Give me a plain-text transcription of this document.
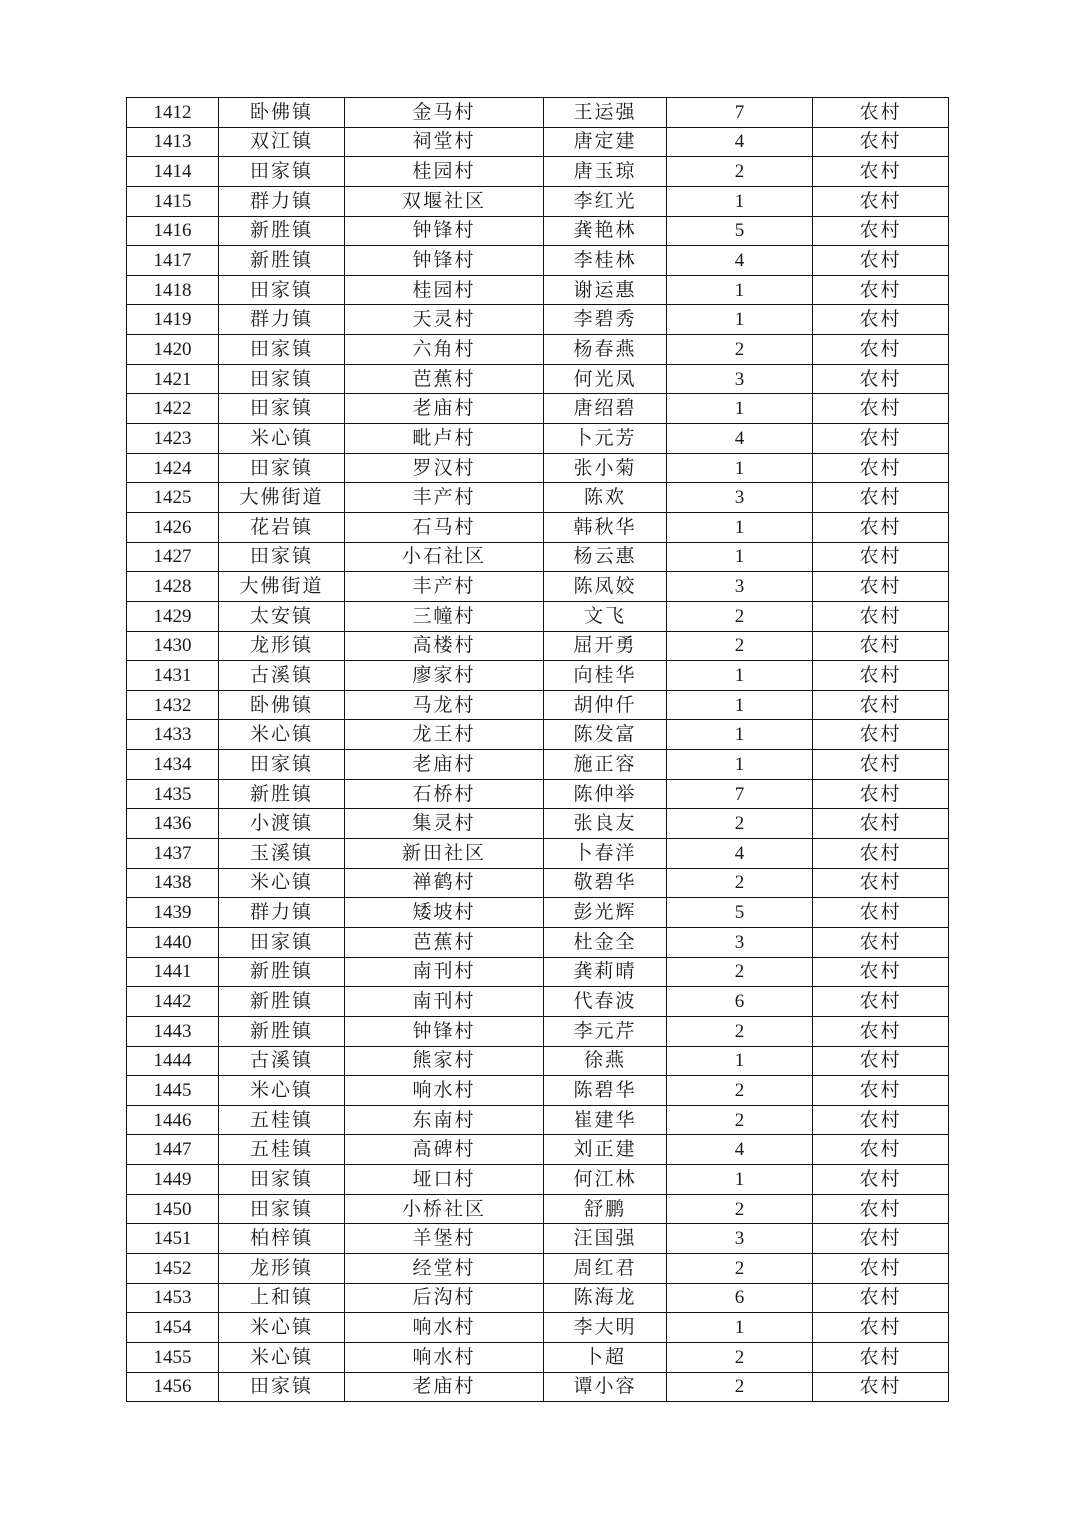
1412	卧佛镇	金马村	王运强	7	农村
1413	双江镇	祠堂村	唐定建	4	农村
1414	田家镇	桂园村	唐玉琼	2	农村
1415	群力镇	双堰社区	李红光	1	农村
1416	新胜镇	钟锋村	龚艳林	5	农村
1417	新胜镇	钟锋村	李桂林	4	农村
1418	田家镇	桂园村	谢运惠	1	农村
1419	群力镇	天灵村	李碧秀	1	农村
1420	田家镇	六角村	杨春燕	2	农村
1421	田家镇	芭蕉村	何光凤	3	农村
1422	田家镇	老庙村	唐绍碧	1	农村
1423	米心镇	毗卢村	卜元芳	4	农村
1424	田家镇	罗汉村	张小菊	1	农村
1425	大佛街道	丰产村	陈欢	3	农村
1426	花岩镇	石马村	韩秋华	1	农村
1427	田家镇	小石社区	杨云惠	1	农村
1428	大佛街道	丰产村	陈凤姣	3	农村
1429	太安镇	三幢村	文飞	2	农村
1430	龙形镇	高楼村	屈开勇	2	农村
1431	古溪镇	廖家村	向桂华	1	农村
1432	卧佛镇	马龙村	胡仲仟	1	农村
1433	米心镇	龙王村	陈发富	1	农村
1434	田家镇	老庙村	施正容	1	农村
1435	新胜镇	石桥村	陈仲举	7	农村
1436	小渡镇	集灵村	张良友	2	农村
1437	玉溪镇	新田社区	卜春洋	4	农村
1438	米心镇	禅鹤村	敬碧华	2	农村
1439	群力镇	矮坡村	彭光辉	5	农村
1440	田家镇	芭蕉村	杜金全	3	农村
1441	新胜镇	南刊村	龚莉晴	2	农村
1442	新胜镇	南刊村	代春波	6	农村
1443	新胜镇	钟锋村	李元芹	2	农村
1444	古溪镇	熊家村	徐燕	1	农村
1445	米心镇	响水村	陈碧华	2	农村
1446	五桂镇	东南村	崔建华	2	农村
1447	五桂镇	高碑村	刘正建	4	农村
1449	田家镇	垭口村	何江林	1	农村
1450	田家镇	小桥社区	舒鹏	2	农村
1451	柏梓镇	羊堡村	汪国强	3	农村
1452	龙形镇	经堂村	周红君	2	农村
1453	上和镇	后沟村	陈海龙	6	农村
1454	米心镇	响水村	李大明	1	农村
1455	米心镇	响水村	卜超	2	农村
1456	田家镇	老庙村	谭小容	2	农村
